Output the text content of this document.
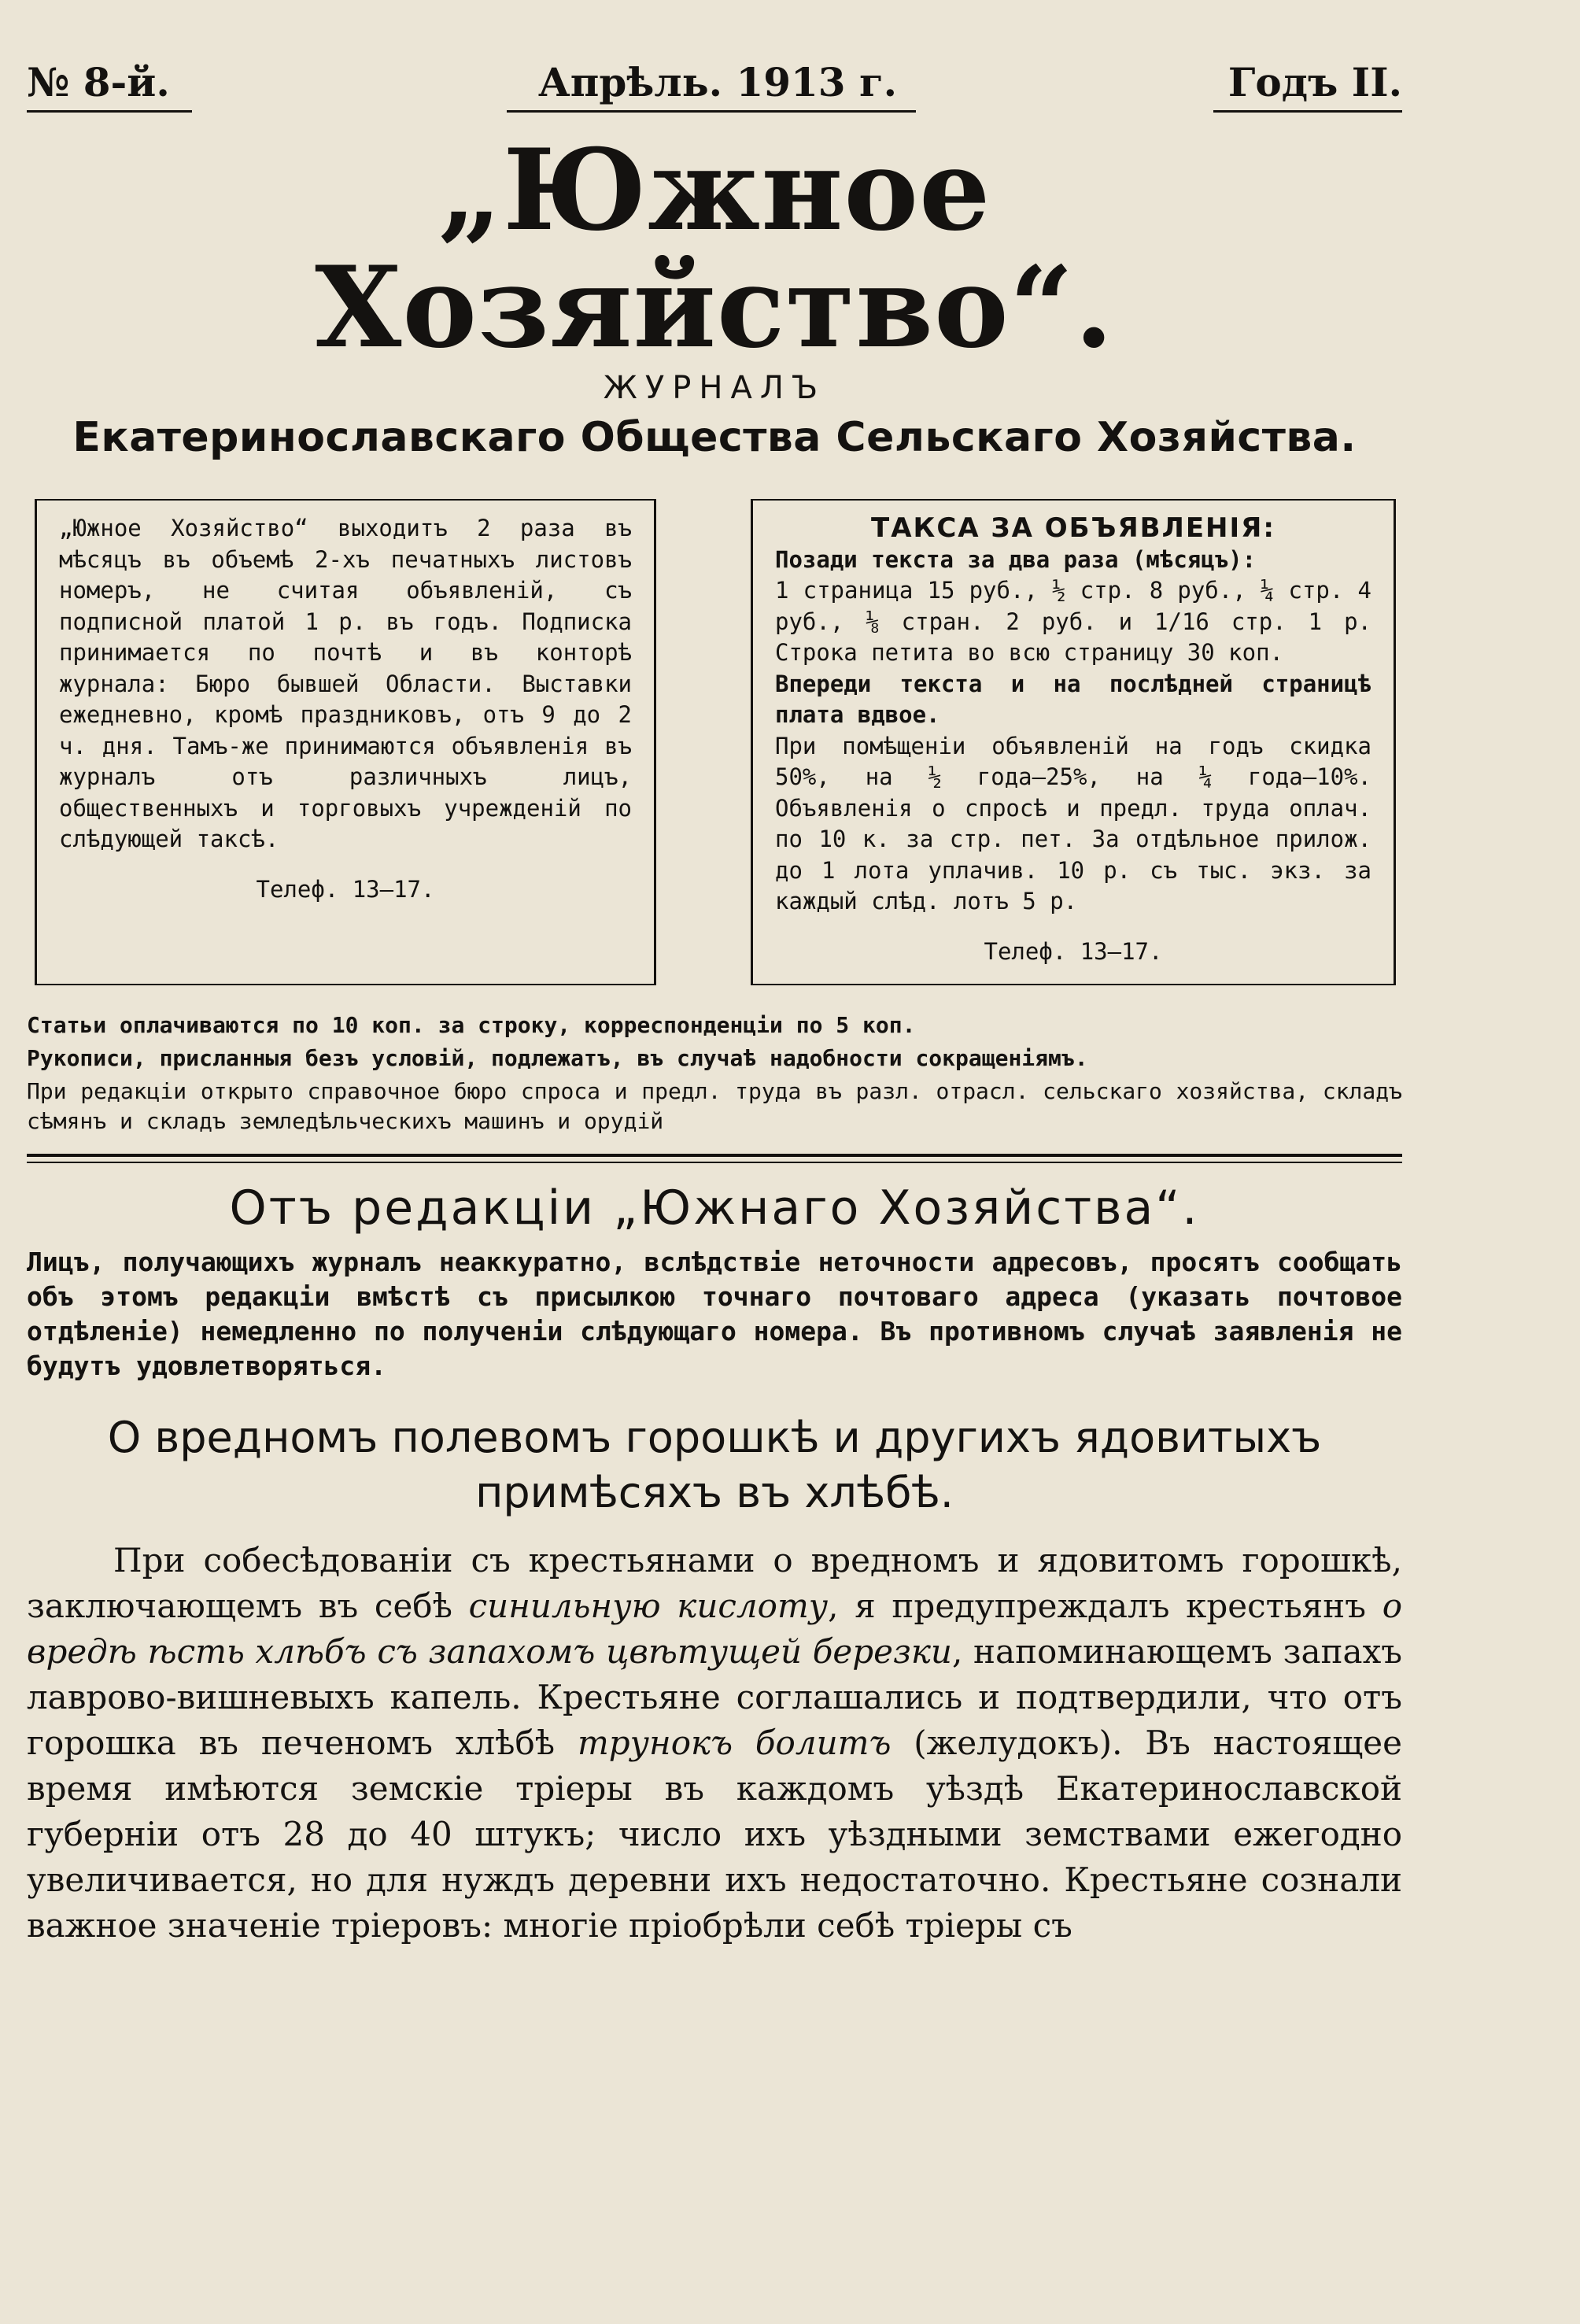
№ 8-й.	Апрѣль. 1913 г.	Годъ II.
„Южное Хозяйство“.
ЖУРНАЛЪ
Екатеринославскаго Общества Сельскаго Хозяйства.

„Южное Хозяйство“ выходитъ 2 раза въ мѣсяцъ въ объемѣ 2-хъ печатныхъ листовъ номеръ, не считая объявленій, съ подписной платой 1 р. въ годъ. Подписка принимается по почтѣ и въ конторѣ журнала: Бюро бывшей Области. Выставки ежедневно, кромѣ праздниковъ, отъ 9 до 2 ч. дня. Тамъ-же принимаются объявленія въ журналъ отъ различныхъ лицъ, общественныхъ и торговыхъ учрежденій по слѣдующей таксѣ.

Телеф. 13—17.

ТАКСА ЗА ОБЪЯВЛЕНІЯ:

Позади текста за два раза (мѣсяцъ):

1 страница 15 руб., ½ стр. 8 руб., ¼ стр. 4 руб., ⅛ стран. 2 руб. и 1/16 стр. 1 р. Строка петита во всю страницу 30 коп.

Впереди текста и на послѣдней страницѣ плата вдвое.

При помѣщеніи объявленій на годъ скидка 50%, на ½ года—25%, на ¼ года—10%. Объявленія о спросѣ и предл. труда оплач. по 10 к. за стр. пет. За отдѣльное прилож. до 1 лота уплачив. 10 р. съ тыс. экз. за каждый слѣд. лотъ 5 р.

Телеф. 13—17.

Статьи оплачиваются по 10 коп. за строку, корреспонденціи по 5 коп.

Рукописи, присланныя безъ условій, подлежатъ, въ случаѣ надобности сокращеніямъ.

При редакціи открыто справочное бюро спроса и предл. труда въ разл. отрасл. сельскаго хозяйства, складъ сѣмянъ и складъ земледѣльческихъ машинъ и орудій

Отъ редакціи „Южнаго Хозяйства“.
Лицъ, получающихъ журналъ неаккуратно, вслѣдствіе неточности адресовъ, просятъ сообщать объ этомъ редакціи вмѣстѣ съ присылкою точнаго почтоваго адреса (указать почтовое отдѣленіе) немедленно по полученіи слѣдующаго номера. Въ противномъ случаѣ заявленія не будутъ удовлетворяться.
О вредномъ полевомъ горошкѣ и другихъ ядовитыхъ
примѣсяхъ въ хлѣбѣ.

При собесѣдованіи съ крестьянами о вредномъ и ядовитомъ горошкѣ, заключающемъ въ себѣ синильную кислоту, я предупреждалъ крестьянъ о вредѣ ѣсть хлѣбъ съ запахомъ цвѣтущей березки, напоминающемъ запахъ лаврово-вишневыхъ капель. Крестьяне соглашались и подтвердили, что отъ горошка въ печеномъ хлѣбѣ трунокъ болитъ (желудокъ). Въ настоящее время имѣются земскіе тріеры въ каждомъ уѣздѣ Екатеринославской губерніи отъ 28 до 40 штукъ; число ихъ уѣздными земствами ежегодно увеличивается, но для нуждъ деревни ихъ недостаточно. Крестьяне сознали важное значеніе тріеровъ: многіе пріобрѣли себѣ тріеры съ
